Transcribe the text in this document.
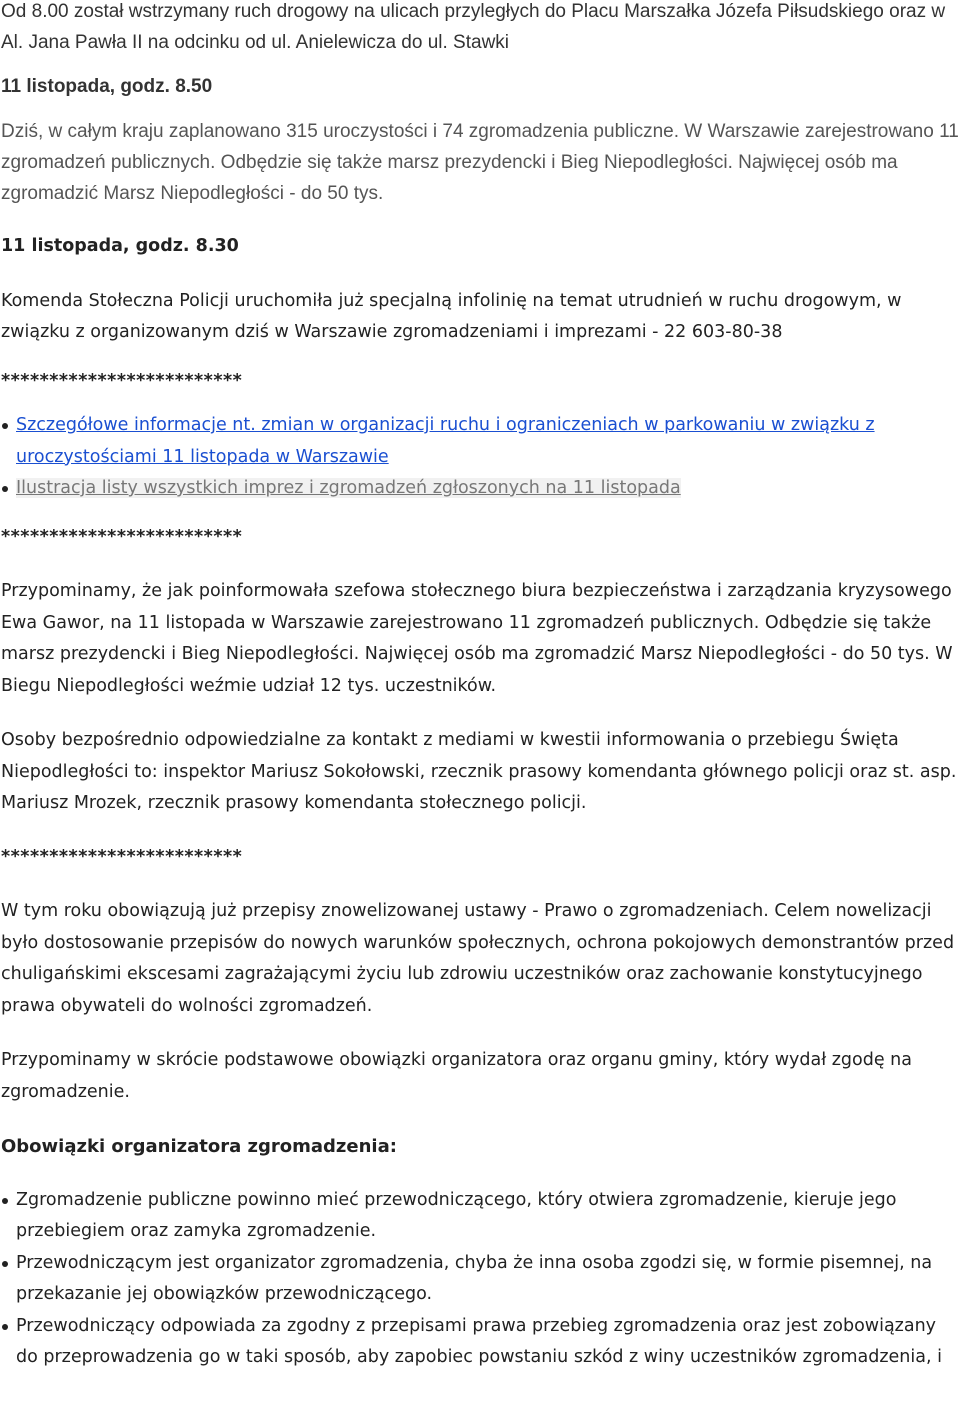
Od 8.00 został wstrzymany ruch drogowy na ulicach przyległych do Placu Marszałka Józefa Piłsudskiego oraz w Al. Jana Pawła II na odcinku od ul. Anielewicza do ul. Stawki

11 listopada, godz. 8.50

Dziś, w całym kraju zaplanowano 315 uroczystości i 74 zgromadzenia publiczne. W Warszawie zarejestrowano 11 zgromadzeń publicznych. Odbędzie się także marsz prezydencki i Bieg Niepodległości. Najwięcej osób ma zgromadzić Marsz Niepodległości - do 50 tys.

11 listopada, godz. 8.30

Komenda Stołeczna Policji uruchomiła już specjalną infolinię na temat utrudnień w ruchu drogowym, w związku z organizowanym dziś w Warszawie zgromadzeniami i imprezami - 22 603-80-38

*************************

Szczegółowe informacje nt. zmian w organizacji ruchu i ograniczeniach w parkowaniu w związku z uroczystościami 11 listopada w Warszawie
Ilustracja listy wszystkich imprez i zgromadzeń zgłoszonych na 11 listopada

*************************

Przypominamy, że jak poinformowała szefowa stołecznego biura bezpieczeństwa i zarządzania kryzysowego Ewa Gawor, na 11 listopada w Warszawie zarejestrowano 11 zgromadzeń publicznych. Odbędzie się także marsz prezydencki i Bieg Niepodległości. Najwięcej osób ma zgromadzić Marsz Niepodległości - do 50 tys. W Biegu Niepodległości weźmie udział 12 tys. uczestników.

Osoby bezpośrednio odpowiedzialne za kontakt z mediami w kwestii informowania o przebiegu Święta Niepodległości to: inspektor Mariusz Sokołowski, rzecznik prasowy komendanta głównego policji oraz st. asp. Mariusz Mrozek, rzecznik prasowy komendanta stołecznego policji.

*************************

W tym roku obowiązują już przepisy znowelizowanej ustawy - Prawo o zgromadzeniach. Celem nowelizacji było dostosowanie przepisów do nowych warunków społecznych, ochrona pokojowych demonstrantów przed chuligańskimi ekscesami zagrażającymi życiu lub zdrowiu uczestników oraz zachowanie konstytucyjnego prawa obywateli do wolności zgromadzeń.

Przypominamy w skrócie podstawowe obowiązki organizatora oraz organu gminy, który wydał zgodę na zgromadzenie.

Obowiązki organizatora zgromadzenia:

Zgromadzenie publiczne powinno mieć przewodniczącego, który otwiera zgromadzenie, kieruje jego przebiegiem oraz zamyka zgromadzenie.
Przewodniczącym jest organizator zgromadzenia, chyba że inna osoba zgodzi się, w formie pisemnej, na przekazanie jej obowiązków przewodniczącego.
Przewodniczący odpowiada za zgodny z przepisami prawa przebieg zgromadzenia oraz jest zobowiązany do przeprowadzenia go w taki sposób, aby zapobiec powstaniu szkód z winy uczestników zgromadzenia, i
